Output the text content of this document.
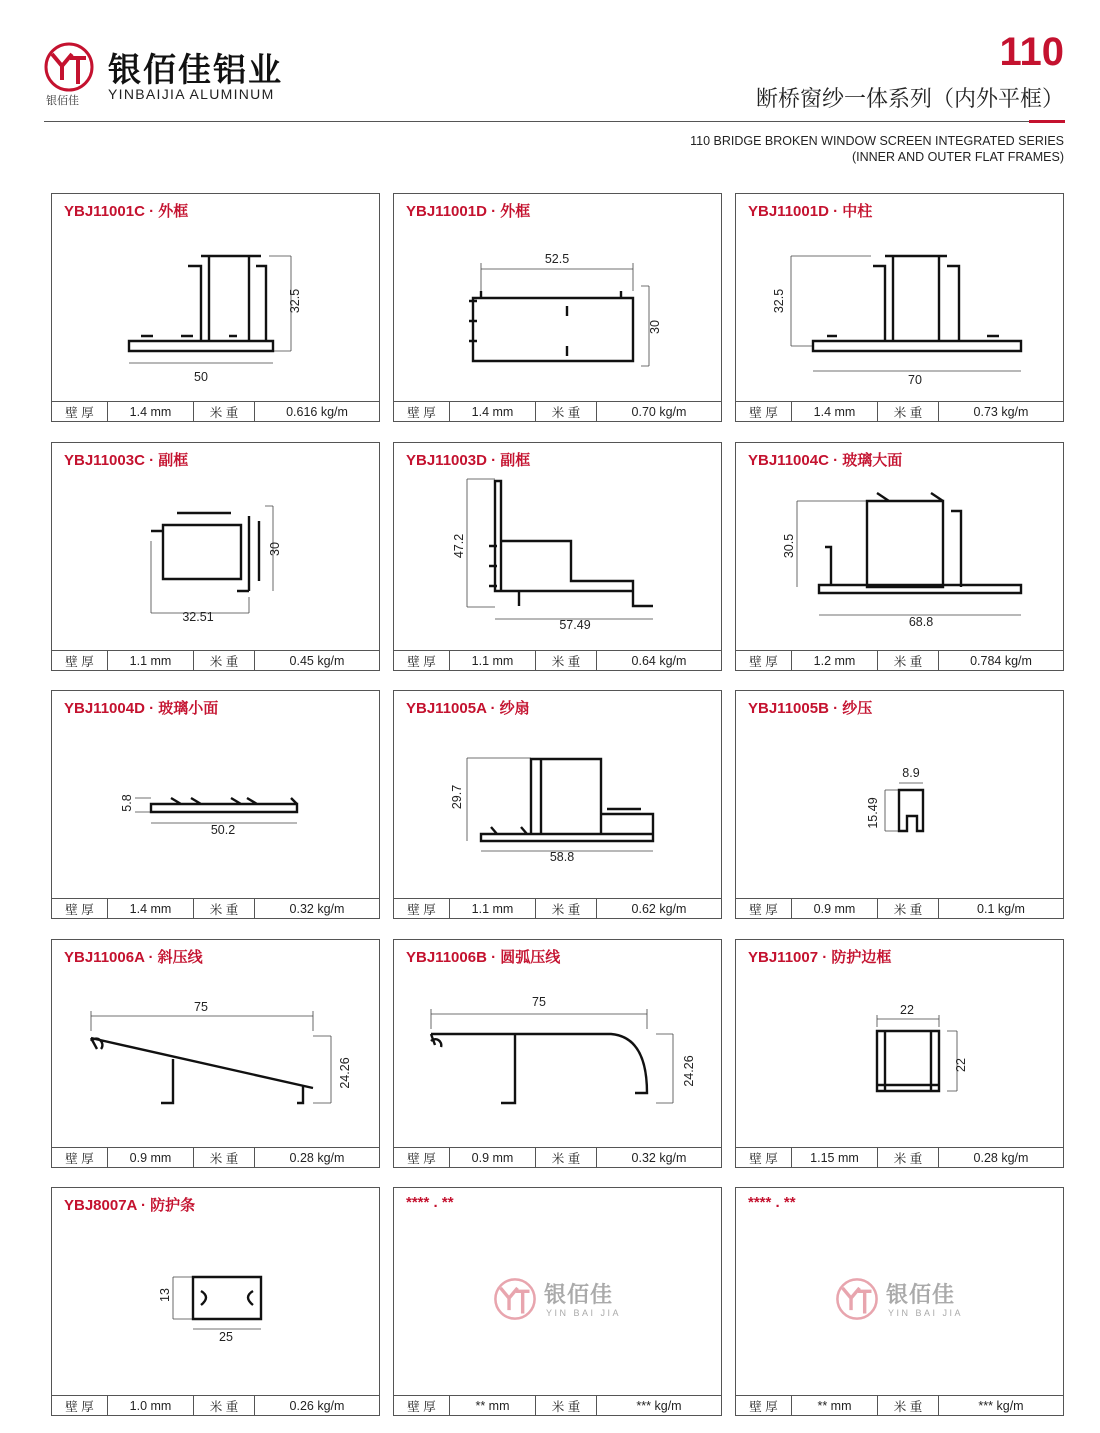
银佰佳
银佰佳铝业
YINBAIJIA ALUMINUM
110
断桥窗纱一体系列（内外平框）
110 BRIDGE BROKEN WINDOW SCREEN INTEGRATED SERIES
(INNER AND OUTER FLAT FRAMES)
YBJ11001C · 外框
32.5
50
壁 厚	1.4 mm	米 重	0.616 kg/m
YBJ11001D · 外框
52.5
30
壁 厚	1.4 mm	米 重	0.70 kg/m
YBJ11001D · 中柱
32.5
70
壁 厚	1.4 mm	米 重	0.73 kg/m
YBJ11003C · 副框
30
32.51
壁 厚	1.1 mm	米 重	0.45 kg/m
YBJ11003D · 副框
47.2
57.49
壁 厚	1.1 mm	米 重	0.64 kg/m
YBJ11004C · 玻璃大面
30.5
68.8
壁 厚	1.2 mm	米 重	0.784 kg/m
YBJ11004D · 玻璃小面
5.8
50.2
壁 厚	1.4 mm	米 重	0.32 kg/m
YBJ11005A · 纱扇
29.7
58.8
壁 厚	1.1 mm	米 重	0.62 kg/m
YBJ11005B · 纱压
8.9
15.49
壁 厚	0.9 mm	米 重	0.1 kg/m
YBJ11006A · 斜压线
75
24.26
壁 厚	0.9 mm	米 重	0.28 kg/m
YBJ11006B · 圆弧压线
75
24.26
壁 厚	0.9 mm	米 重	0.32 kg/m
YBJ11007 · 防护边框
22
22
壁 厚	1.15 mm	米 重	0.28 kg/m
YBJ8007A · 防护条
13
25
壁 厚	1.0 mm	米 重	0.26 kg/m
**** . **
银佰佳
YIN BAI JIA
壁 厚	** mm	米 重	*** kg/m
**** . **
银佰佳
YIN BAI JIA
壁 厚	** mm	米 重	*** kg/m
